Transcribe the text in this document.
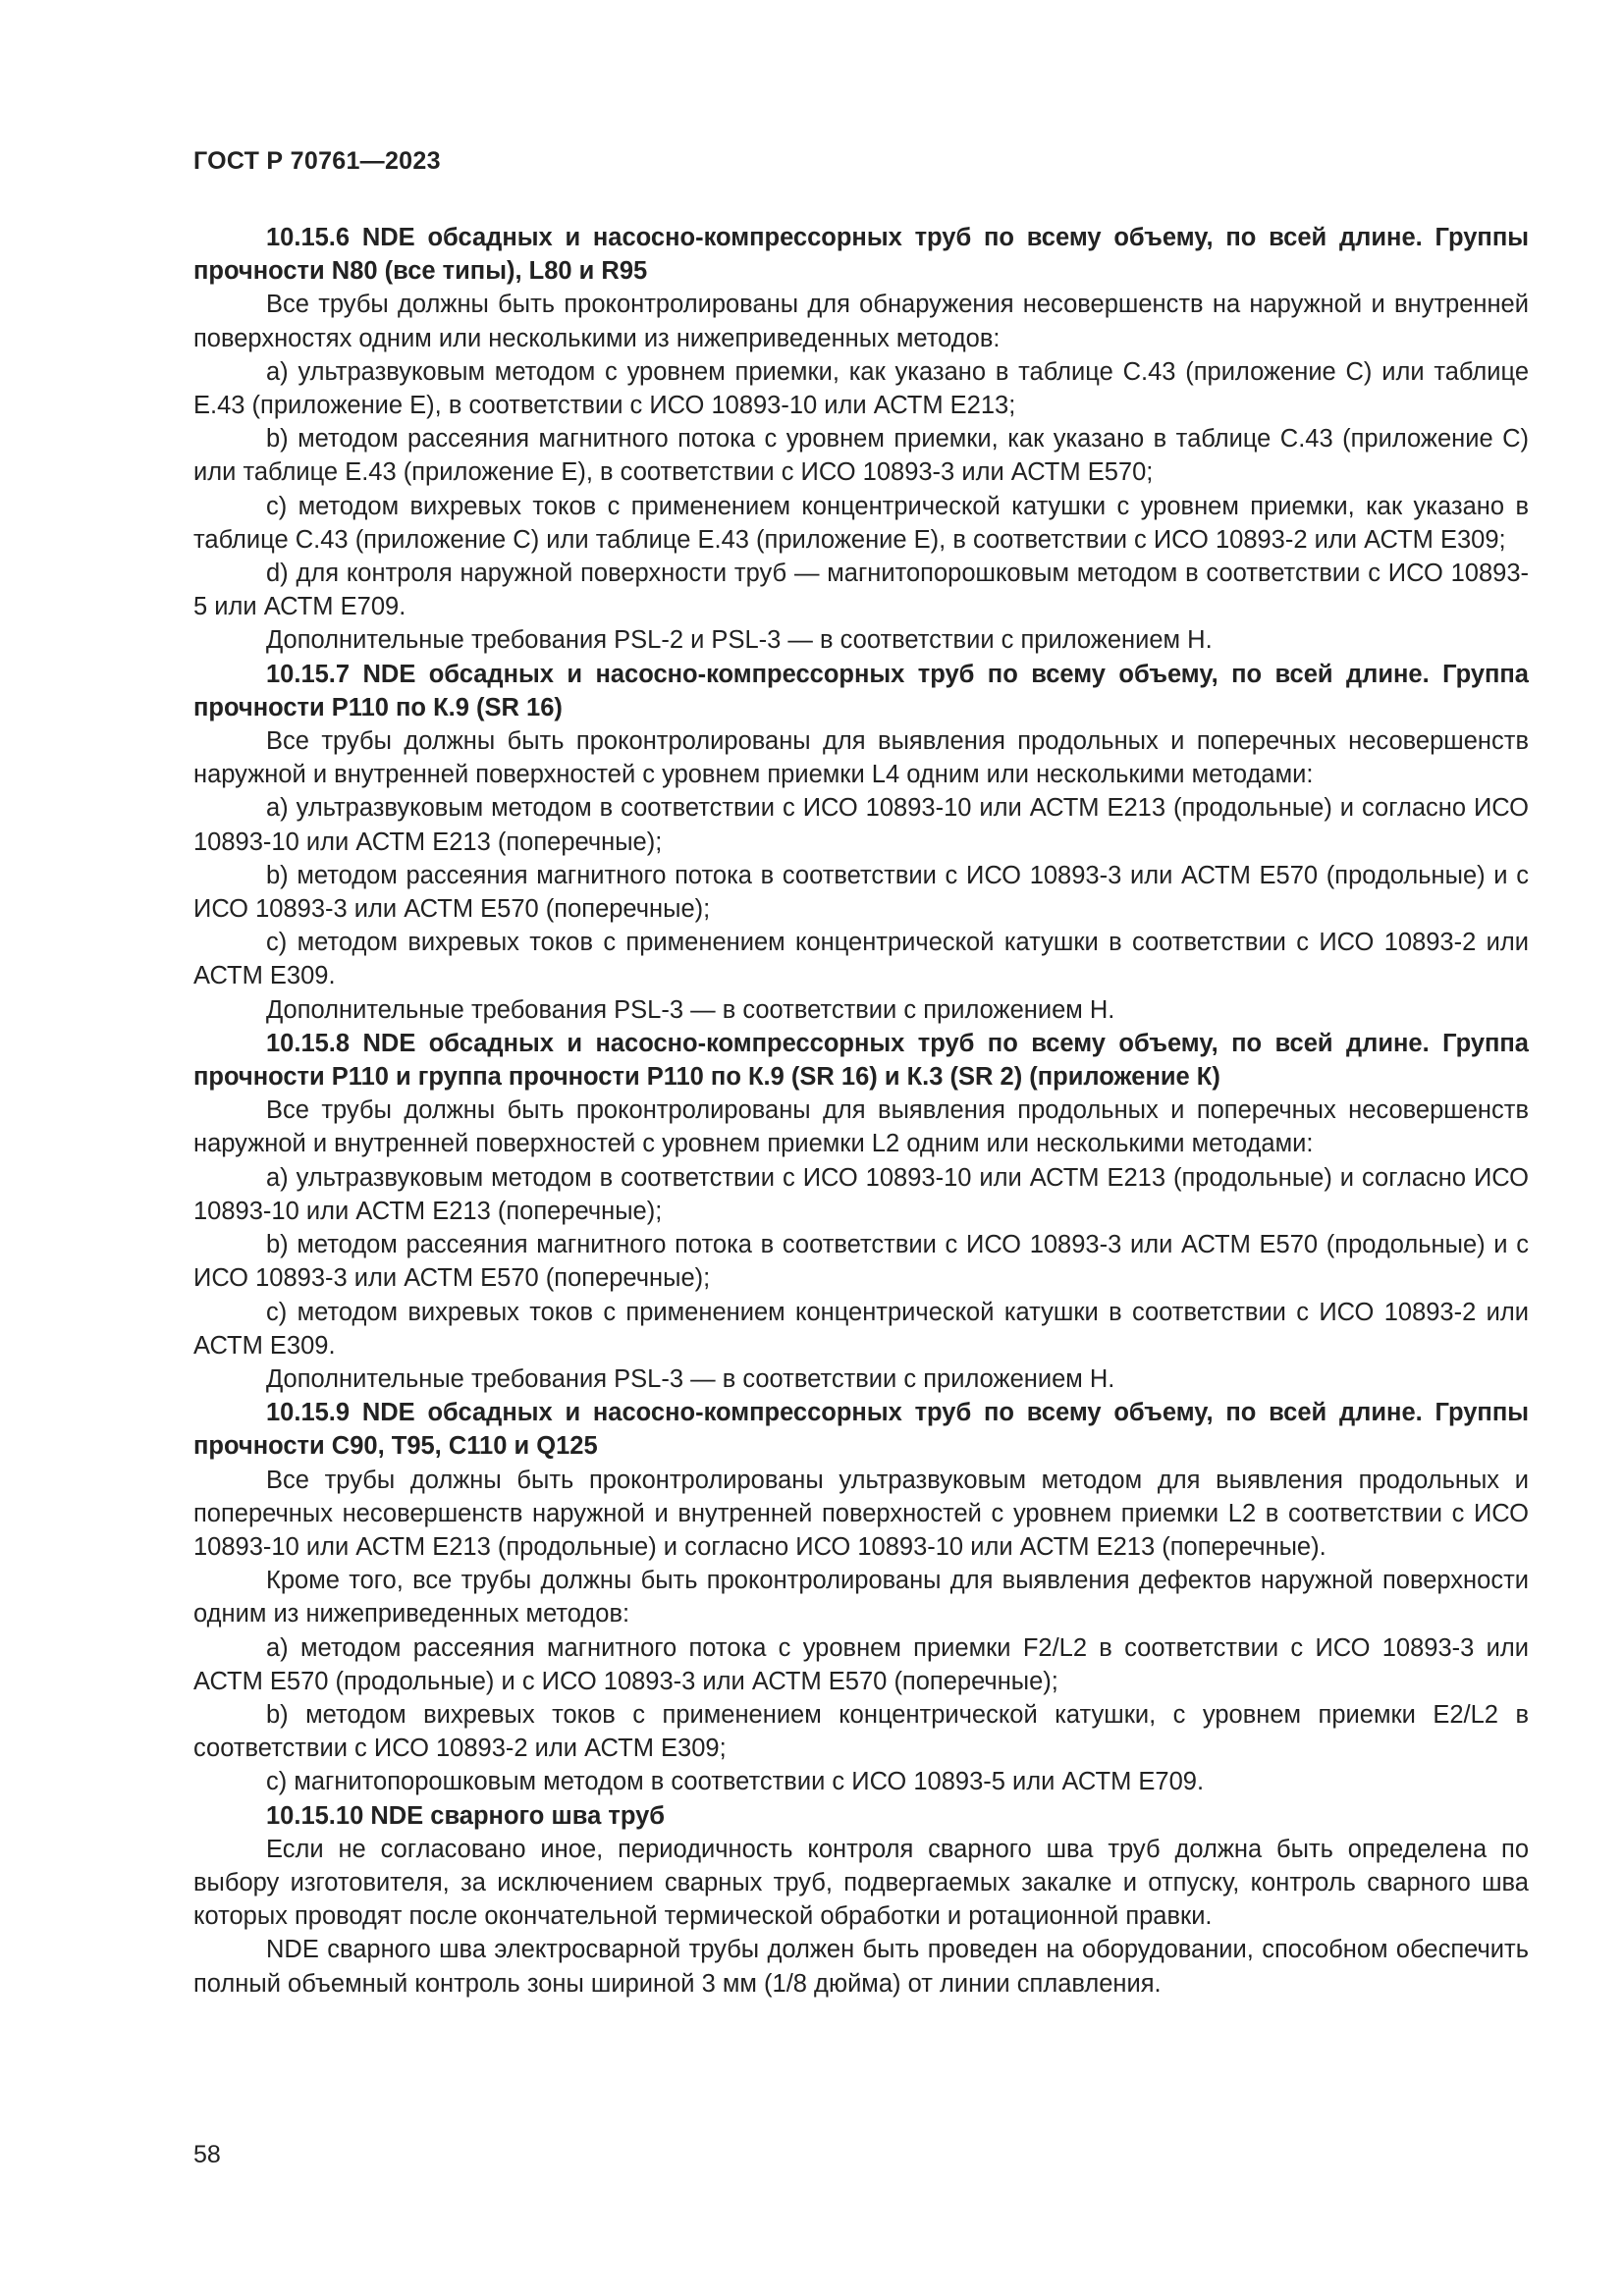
ГОСТ Р 70761—2023

10.15.6 NDE обсадных и насосно-компрессорных труб по всему объему, по всей длине. Группы прочности N80 (все типы), L80 и R95

Все трубы должны быть проконтролированы для обнаружения несовершенств на наружной и внутренней поверхностях одним или несколькими из нижеприведенных методов:

a) ультразвуковым методом с уровнем приемки, как указано в таблице C.43 (приложение C) или таблице E.43 (приложение E), в соответствии с ИСО 10893-10 или АСТМ E213;

b) методом рассеяния магнитного потока с уровнем приемки, как указано в таблице C.43 (приложение C) или таблице E.43 (приложение E), в соответствии с ИСО 10893-3 или АСТМ E570;

c) методом вихревых токов с применением концентрической катушки с уровнем приемки, как указано в таблице C.43 (приложение C) или таблице E.43 (приложение E), в соответствии с ИСО 10893-2 или АСТМ E309;

d) для контроля наружной поверхности труб — магнитопорошковым методом в соответствии с ИСО 10893-5 или АСТМ E709.

Дополнительные требования PSL-2 и PSL-3 — в соответствии с приложением H.

10.15.7 NDE обсадных и насосно-компрессорных труб по всему объему, по всей длине. Группа прочности P110 по К.9 (SR 16)

Все трубы должны быть проконтролированы для выявления продольных и поперечных несовершенств наружной и внутренней поверхностей с уровнем приемки L4 одним или несколькими методами:

a) ультразвуковым методом в соответствии с ИСО 10893-10 или АСТМ E213 (продольные) и согласно ИСО 10893-10 или АСТМ E213 (поперечные);

b) методом рассеяния магнитного потока в соответствии с ИСО 10893-3 или АСТМ E570 (продольные) и с ИСО 10893-3 или АСТМ E570 (поперечные);

c) методом вихревых токов с применением концентрической катушки в соответствии с ИСО 10893-2 или АСТМ E309.

Дополнительные требования PSL-3 — в соответствии с приложением H.

10.15.8 NDE обсадных и насосно-компрессорных труб по всему объему, по всей длине. Группа прочности P110 и группа прочности P110 по К.9 (SR 16) и К.3 (SR 2) (приложение К)

Все трубы должны быть проконтролированы для выявления продольных и поперечных несовершенств наружной и внутренней поверхностей с уровнем приемки L2 одним или несколькими методами:

a) ультразвуковым методом в соответствии с ИСО 10893-10 или АСТМ E213 (продольные) и согласно ИСО 10893-10 или АСТМ E213 (поперечные);

b) методом рассеяния магнитного потока в соответствии с ИСО 10893-3 или АСТМ E570 (продольные) и с ИСО 10893-3 или АСТМ E570 (поперечные);

c) методом вихревых токов с применением концентрической катушки в соответствии с ИСО 10893-2 или АСТМ E309.

Дополнительные требования PSL-3 — в соответствии с приложением H.

10.15.9 NDE обсадных и насосно-компрессорных труб по всему объему, по всей длине. Группы прочности C90, T95, C110 и Q125

Все трубы должны быть проконтролированы ультразвуковым методом для выявления продольных и поперечных несовершенств наружной и внутренней поверхностей с уровнем приемки L2 в соответствии с ИСО 10893-10 или АСТМ E213 (продольные) и согласно ИСО 10893-10 или АСТМ E213 (поперечные).

Кроме того, все трубы должны быть проконтролированы для выявления дефектов наружной поверхности одним из нижеприведенных методов:

a) методом рассеяния магнитного потока с уровнем приемки F2/L2 в соответствии с ИСО 10893-3 или АСТМ E570 (продольные) и с ИСО 10893-3 или АСТМ E570 (поперечные);

b) методом вихревых токов с применением концентрической катушки, с уровнем приемки E2/L2 в соответствии с ИСО 10893-2 или АСТМ E309;

c) магнитопорошковым методом в соответствии с ИСО 10893-5 или АСТМ E709.

10.15.10 NDE сварного шва труб

Если не согласовано иное, периодичность контроля сварного шва труб должна быть определена по выбору изготовителя, за исключением сварных труб, подвергаемых закалке и отпуску, контроль сварного шва которых проводят после окончательной термической обработки и ротационной правки.

NDE сварного шва электросварной трубы должен быть проведен на оборудовании, способном обеспечить полный объемный контроль зоны шириной 3 мм (1/8 дюйма) от линии сплавления.

58
